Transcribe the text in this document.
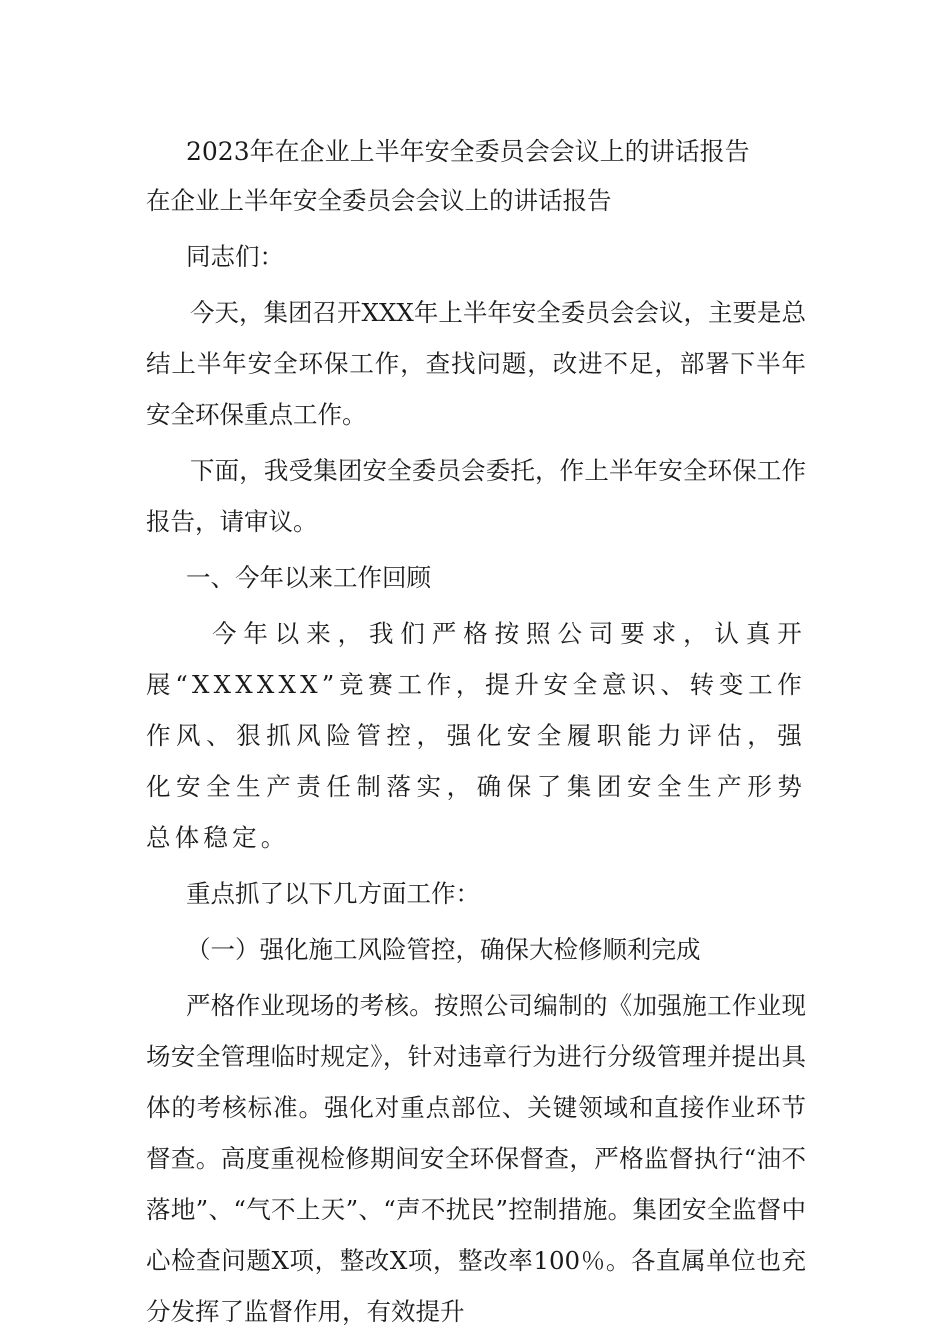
2023年在企业上半年安全委员会会议上的讲话报告

在企业上半年安全委员会会议上的讲话报告

同志们：

今天，集团召开XXX年上半年安全委员会会议，主要是总结上半年安全环保工作，查找问题，改进不足，部署下半年安全环保重点工作。

下面，我受集团安全委员会委托，作上半年安全环保工作报告，请审议。

一、今年以来工作回顾

今年以来，我们严格按照公司要求，认真开展“XXXXXX”竞赛工作，提升安全意识、转变工作作风、狠抓风险管控，强化安全履职能力评估，强化安全生产责任制落实，确保了集团安全生产形势总体稳定。

重点抓了以下几方面工作：

（一）强化施工风险管控，确保大检修顺利完成

严格作业现场的考核。按照公司编制的《加强施工作业现场安全管理临时规定》，针对违章行为进行分级管理并提出具体的考核标准。强化对重点部位、关键领域和直接作业环节督查。高度重视检修期间安全环保督查，严格监督执行“油不落地”、“气不上天”、“声不扰民”控制措施。集团安全监督中心检查问题X项，整改X项，整改率100％。各直属单位也充分发挥了监督作用，有效提升
